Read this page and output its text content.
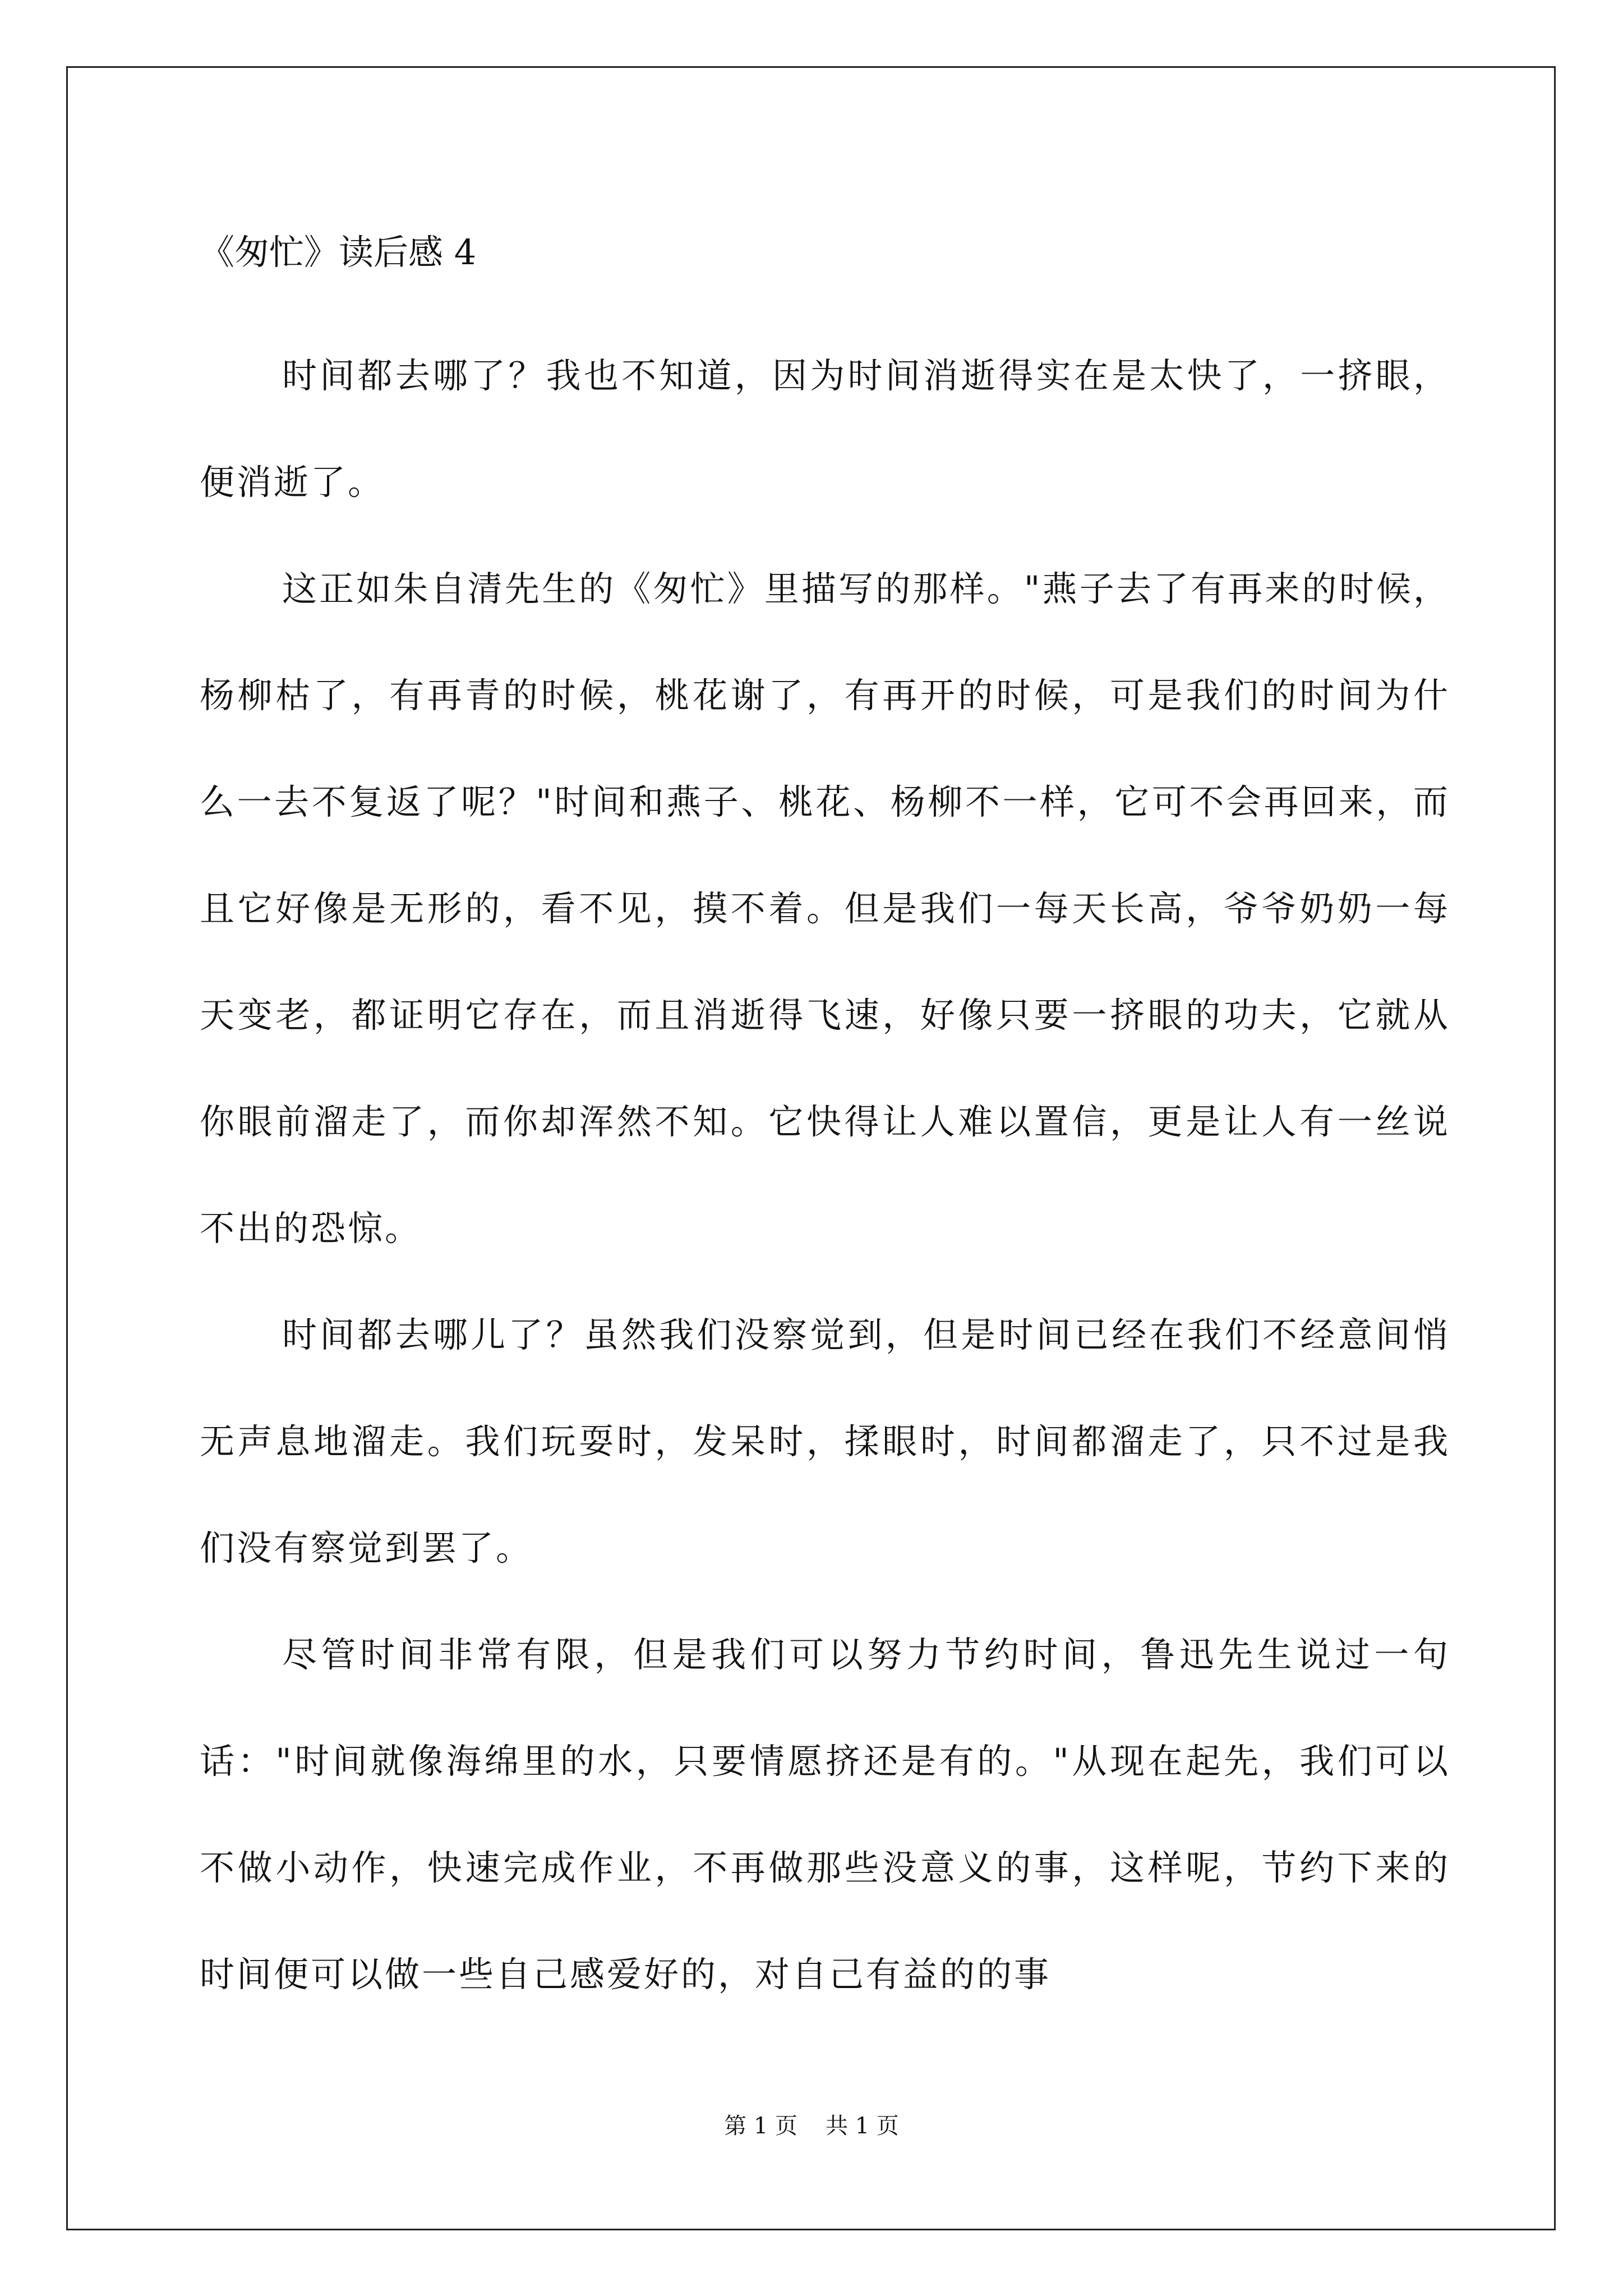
《匆忙》读后感 4

时间都去哪了？我也不知道，因为时间消逝得实在是太快了，一挤眼，便消逝了。

这正如朱自清先生的《匆忙》里描写的那样。"燕子去了有再来的时候，杨柳枯了，有再青的时候，桃花谢了，有再开的时候，可是我们的时间为什么一去不复返了呢？"时间和燕子、桃花、杨柳不一样，它可不会再回来，而且它好像是无形的，看不见，摸不着。但是我们一每天长高，爷爷奶奶一每天变老，都证明它存在，而且消逝得飞速，好像只要一挤眼的功夫，它就从你眼前溜走了，而你却浑然不知。它快得让人难以置信，更是让人有一丝说不出的恐惊。

时间都去哪儿了？虽然我们没察觉到，但是时间已经在我们不经意间悄无声息地溜走。我们玩耍时，发呆时，揉眼时，时间都溜走了，只不过是我们没有察觉到罢了。

尽管时间非常有限，但是我们可以努力节约时间，鲁迅先生说过一句话："时间就像海绵里的水，只要情愿挤还是有的。"从现在起先，我们可以不做小动作，快速完成作业，不再做那些没意义的事，这样呢，节约下来的时间便可以做一些自己感爱好的，对自己有益的的事

第 1 页 共 1 页
